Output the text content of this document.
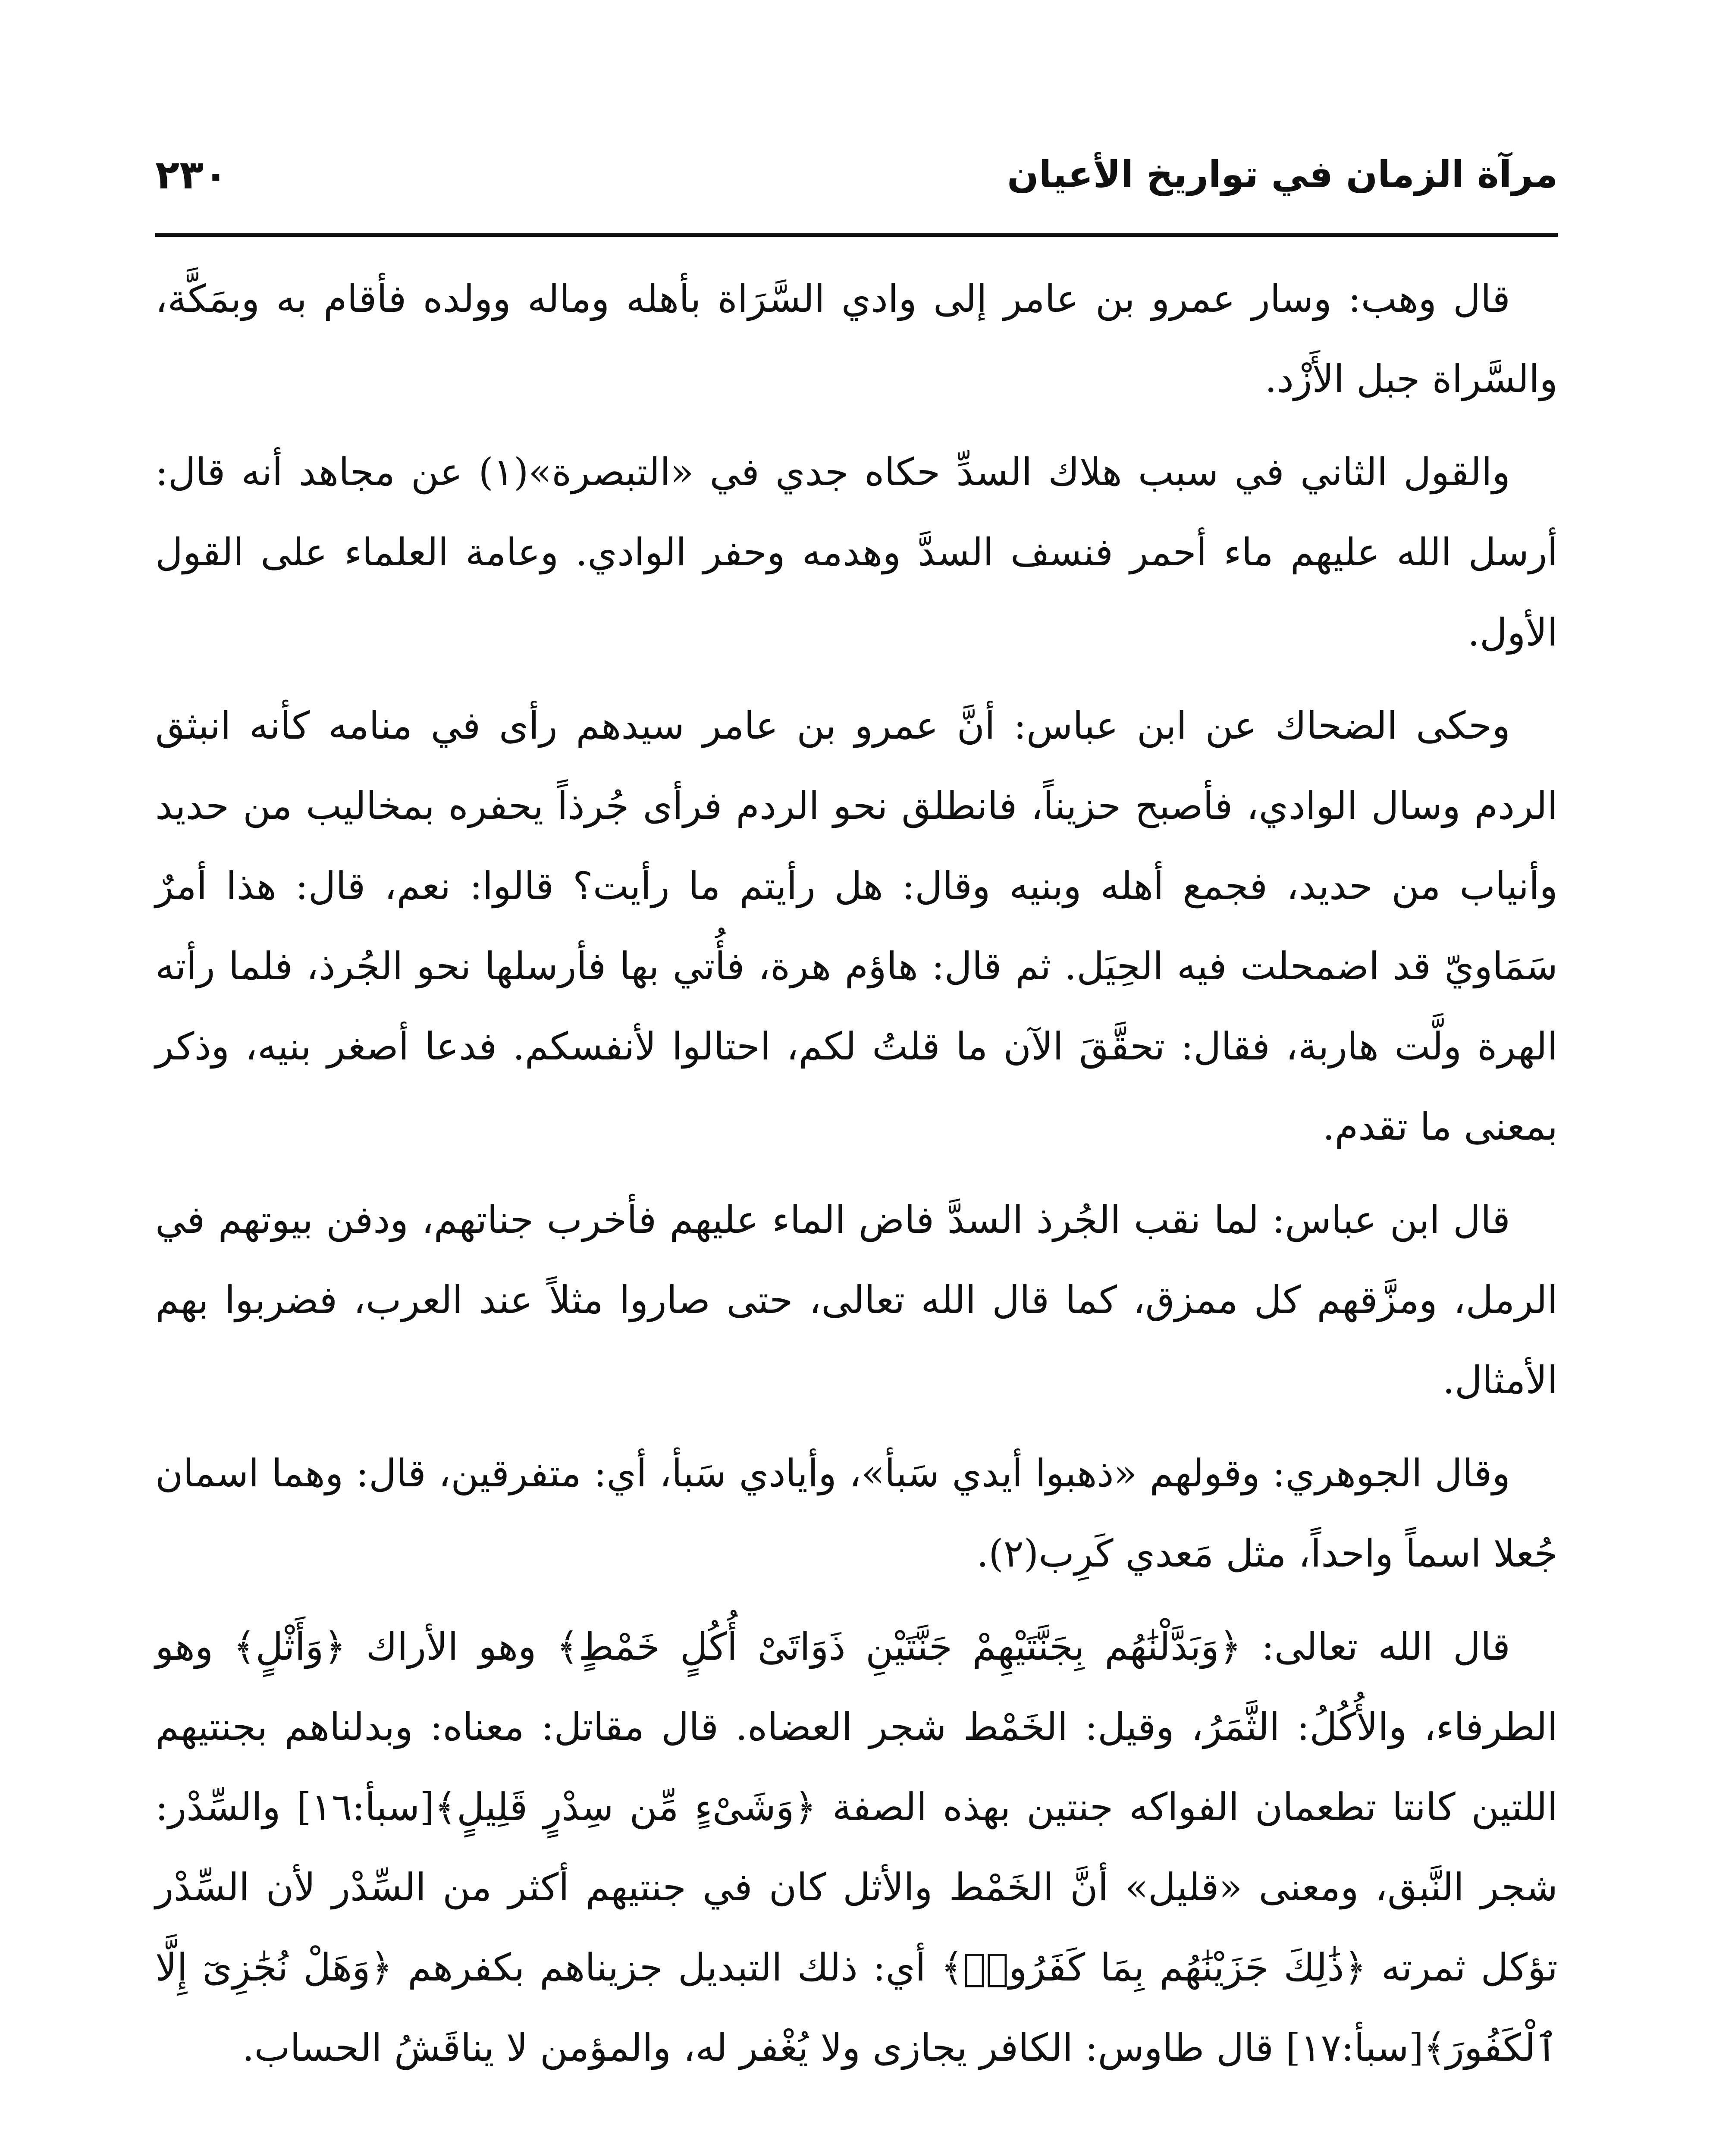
مرآة الزمان في تواريخ الأعيان
٢٣٠

قال وهب: وسار عمرو بن عامر إلى وادي السَّرَاة بأهله وماله وولده فأقام به وبمَكَّة، والسَّراة جبل الأَزْد.

والقول الثاني في سبب هلاك السدِّ حكاه جدي في «التبصرة»(١) عن مجاهد أنه قال: أرسل الله عليهم ماء أحمر فنسف السدَّ وهدمه وحفر الوادي. وعامة العلماء على القول الأول.

وحكى الضحاك عن ابن عباس: أنَّ عمرو بن عامر سيدهم رأى في منامه كأنه انبثق الردم وسال الوادي، فأصبح حزيناً، فانطلق نحو الردم فرأى جُرذاً يحفره بمخاليب من حديد وأنياب من حديد، فجمع أهله وبنيه وقال: هل رأيتم ما رأيت؟ قالوا: نعم، قال: هذا أمرٌ سَمَاويّ قد اضمحلت فيه الحِيَل. ثم قال: هاؤم هرة، فأُتي بها فأرسلها نحو الجُرذ، فلما رأته الهرة ولَّت هاربة، فقال: تحقَّقَ الآن ما قلتُ لكم، احتالوا لأنفسكم. فدعا أصغر بنيه، وذكر بمعنى ما تقدم.

قال ابن عباس: لما نقب الجُرذ السدَّ فاض الماء عليهم فأخرب جناتهم، ودفن بيوتهم في الرمل، ومزَّقهم كل ممزق، كما قال الله تعالى، حتى صاروا مثلاً عند العرب، فضربوا بهم الأمثال.

وقال الجوهري: وقولهم «ذهبوا أيدي سَبأ»، وأيادي سَبأ، أي: متفرقين، قال: وهما اسمان جُعلا اسماً واحداً، مثل مَعدي كَرِب(٢).

قال الله تعالى: ﴿وَبَدَّلْنَٰهُم بِجَنَّتَيْهِمْ جَنَّتَيْنِ ذَوَاتَىْ أُكُلٍ خَمْطٍ﴾ وهو الأراك ﴿وَأَثْلٍ﴾ وهو الطرفاء، والأُكُلُ: الثَّمَرُ، وقيل: الخَمْط شجر العضاه. قال مقاتل: معناه: وبدلناهم بجنتيهم اللتين كانتا تطعمان الفواكه جنتين بهذه الصفة ﴿وَشَىْءٍ مِّن سِدْرٍ قَلِيلٍ﴾[سبأ:١٦] والسِّدْر: شجر النَّبق، ومعنى «قليل» أنَّ الخَمْط والأثل كان في جنتيهم أكثر من السِّدْر لأن السِّدْر تؤكل ثمرته ﴿ذَٰلِكَ جَزَيْنَٰهُم بِمَا كَفَرُوا۟﴾ أي: ذلك التبديل جزيناهم بكفرهم ﴿وَهَلْ نُجَٰزِىٓ إِلَّا ٱلْكَفُورَ﴾[سبأ:١٧] قال طاوس: الكافر يجازى ولا يُغْفر له، والمؤمن لا يناقَشُ الحساب.
